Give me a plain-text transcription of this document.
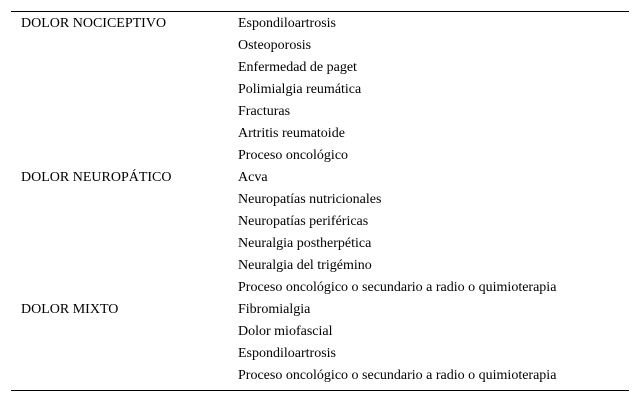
DOLOR NOCICEPTIVO	Espondiloartrosis
Osteoporosis
Enfermedad de paget
Polimialgia reumática
Fracturas
Artritis reumatoide
Proceso oncológico
DOLOR NEUROPÁTICO	Acva
Neuropatías nutricionales
Neuropatías periféricas
Neuralgia postherpética
Neuralgia del trigémino
Proceso oncológico o secundario a radio o quimioterapia
DOLOR MIXTO	Fibromialgia
Dolor miofascial
Espondiloartrosis
Proceso oncológico o secundario a radio o quimioterapia
